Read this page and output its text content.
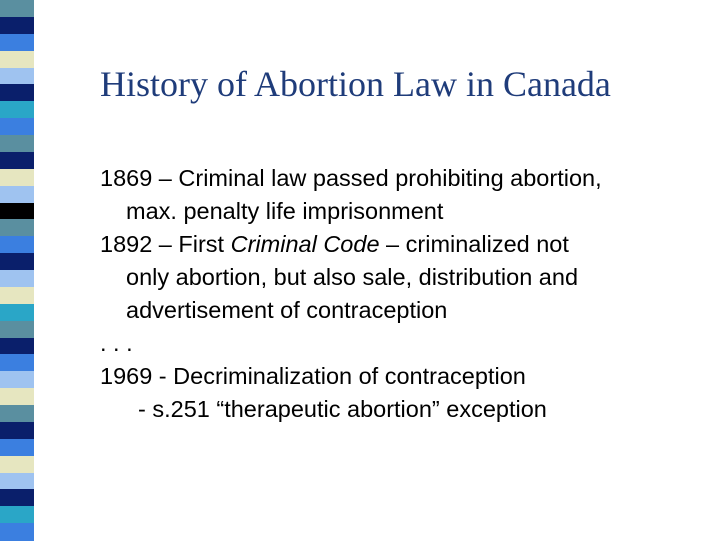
History of Abortion Law in Canada
1869 – Criminal law passed prohibiting abortion,
max. penalty life imprisonment
1892 – First Criminal Code – criminalized not
only abortion, but also sale, distribution and
advertisement of contraception
. . .
1969 - Decriminalization of contraception
- s.251 “therapeutic abortion” exception
